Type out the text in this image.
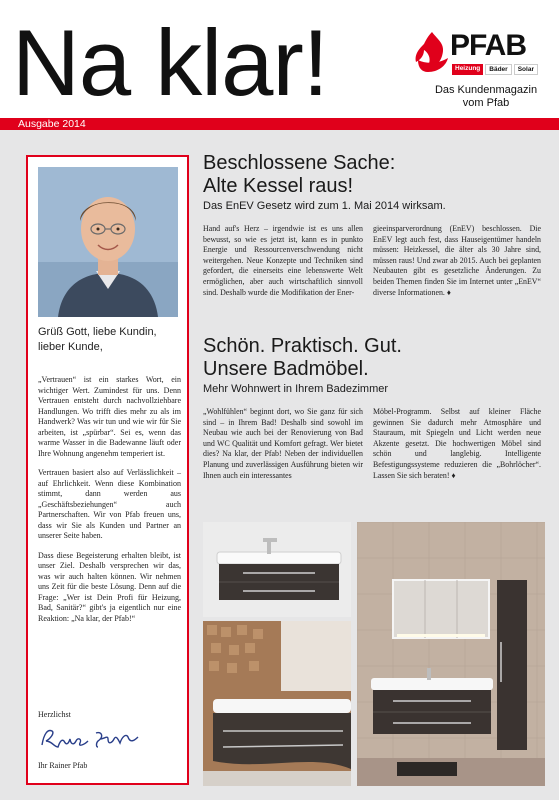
Na klar!	PFAB
Heizung	Bäder	Solar
Das Kundenmagazin
vom Pfab
Ausgabe 2014
Grüß Gott, liebe Kundin,
lieber Kunde,

„Vertrauen“ ist ein starkes Wort, ein wichtiger Wert. Zumindest für uns. Denn Vertrauen entsteht durch nachvollziehbare Handlungen. Wo trifft dies mehr zu als im Handwerk? Was wir tun und wie wir für Sie arbeiten, ist „spürbar“. Sei es, wenn das warme Wasser in die Badewanne läuft oder Ihre Wohnung angenehm temperiert ist.

Vertrauen basiert also auf Verlässlichkeit – auf Ehrlichkeit. Wenn diese Kombination stimmt, dann werden aus „Geschäftsbeziehungen“ auch Partnerschaften. Wir von Pfab freuen uns, dass wir Sie als Kunden und Partner an unserer Seite haben.

Dass diese Begeisterung erhalten bleibt, ist unser Ziel. Deshalb versprechen wir das, was wir auch halten können. Wir nehmen uns Zeit für die beste Lösung. Denn auf die Frage: „Wer ist Dein Profi für Heizung, Bad, Sanitär?“ gibt's ja eigentlich nur eine Reaktion: „Na klar, der Pfab!“

Herzlichst
Ihr Rainer Pfab
Beschlossene Sache:
Alte Kessel raus!
Das EnEV Gesetz wird zum 1. Mai 2014 wirksam.
Hand auf's Herz – irgendwie ist es uns allen bewusst, so wie es jetzt ist, kann es in punkto Energie und Ressourcenverschwendung nicht weitergehen. Neue Konzepte und Techniken sind gefordert, die einerseits eine lebenswerte Welt ermöglichen, aber auch wirtschaftlich sinnvoll sind. Deshalb wurde die Modifikation der Ener-
gieeinsparverordnung (EnEV) beschlossen. Die EnEV legt auch fest, dass Hauseigentümer handeln müssen: Heizkessel, die älter als 30 Jahre sind, müssen raus! Und zwar ab 2015. Auch bei geplanten Neubauten gibt es gesetzliche Änderungen. Zu beiden Themen finden Sie im Internet unter „EnEV“ diverse Informationen. ♦
Schön. Praktisch. Gut.
Unsere Badmöbel.
Mehr Wohnwert in Ihrem Badezimmer
„Wohlfühlen“ beginnt dort, wo Sie ganz für sich sind – in Ihrem Bad! Deshalb sind sowohl im Neubau wie auch bei der Renovierung von Bad und WC Qualität und Komfort gefragt. Wer bietet dies? Na klar, der Pfab! Neben der individuellen Planung und zuverlässigen Ausführung bieten wir Ihnen auch ein interessantes
Möbel-Programm. Selbst auf kleiner Fläche gewinnen Sie dadurch mehr Atmosphäre und Stauraum, mit Spiegeln und Licht werden neue Akzente gesetzt. Die hochwertigen Möbel sind schön und langlebig. Intelligente Befestigungssysteme reduzieren die „Bohrlöcher“. Lassen Sie sich beraten! ♦
